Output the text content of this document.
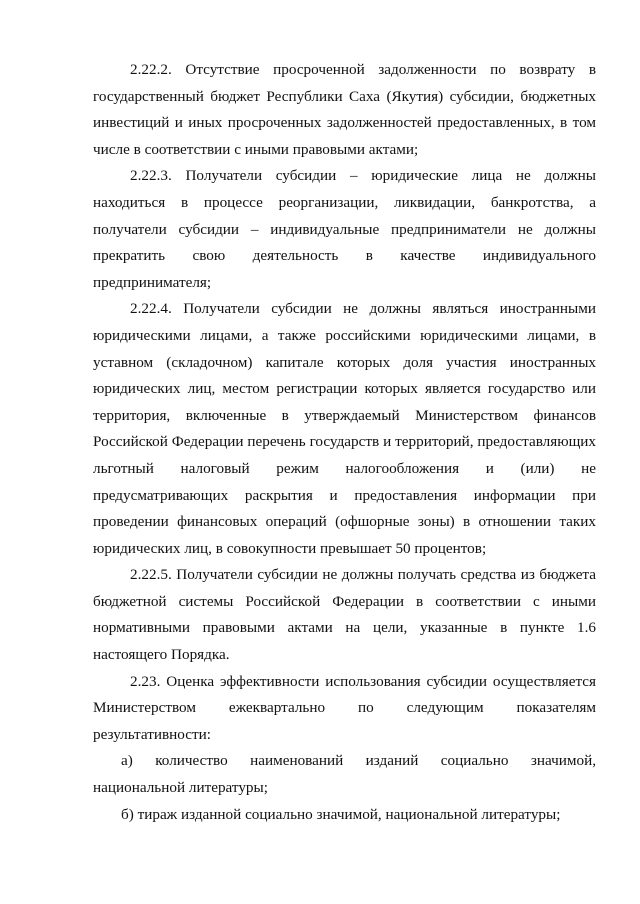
2.22.2. Отсутствие просроченной задолженности по возврату в государственный бюджет Республики Саха (Якутия) субсидии, бюджетных инвестиций и иных просроченных задолженностей предоставленных, в том числе в соответствии с иными правовыми актами;

2.22.3. Получатели субсидии – юридические лица не должны находиться в процессе реорганизации, ликвидации, банкротства, а получатели субсидии – индивидуальные предприниматели не должны прекратить свою деятельность в качестве индивидуального предпринимателя;

2.22.4. Получатели субсидии не должны являться иностранными юридическими лицами, а также российскими юридическими лицами, в уставном (складочном) капитале которых доля участия иностранных юридических лиц, местом регистрации которых является государство или территория, включенные в утверждаемый Министерством финансов Российской Федерации перечень государств и территорий, предоставляющих льготный налоговый режим налогообложения и (или) не предусматривающих раскрытия и предоставления информации при проведении финансовых операций (офшорные зоны) в отношении таких юридических лиц, в совокупности превышает 50 процентов;

2.22.5. Получатели субсидии не должны получать средства из бюджета бюджетной системы Российской Федерации в соответствии с иными нормативными правовыми актами на цели, указанные в пункте 1.6 настоящего Порядка.

2.23. Оценка эффективности использования субсидии осуществляется Министерством ежеквартально по следующим показателям результативности:

а) количество наименований изданий социально значимой,
национальной литературы;

б) тираж изданной социально значимой, национальной литературы;
